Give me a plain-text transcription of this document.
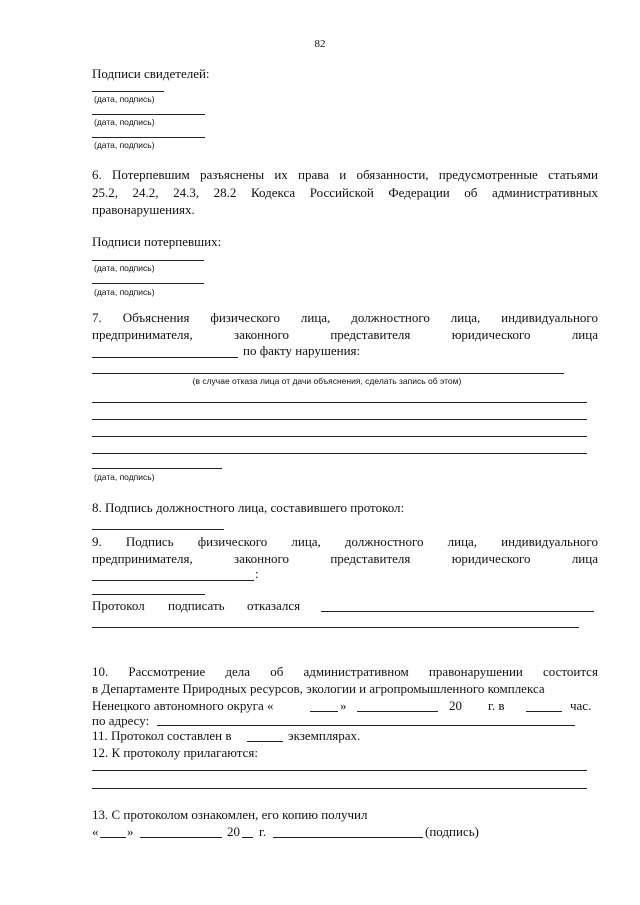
82
Подписи свидетелей:
(дата, подпись)
(дата, подпись)
(дата, подпись)
6. Потерпевшим разъяснены их права и обязанности, предусмотренные статьями
25.2, 24.2, 24.3, 28.2 Кодекса Российской Федерации об административных
правонарушениях.
Подписи потерпевших:
(дата, подпись)
(дата, подпись)
7. Объяснения физического лица, должностного лица, индивидуального
предпринимателя,	законного	представителя	юридического	лица
по факту нарушения:
(в случае отказа лица от дачи объяснения, сделать запись об этом)
(дата, подпись)
8. Подпись должностного лица, составившего протокол:
9. Подпись физического лица, должностного лица, индивидуального
предпринимателя,	законного	представителя	юридического	лица
:
Протокол подписать отказался
10. Рассмотрение дела об административном правонарушении состоится
в Департаменте Природных ресурсов, экологии и агропромышленного комплекса
Ненецкого автономного округа «	»	20 г. в	час.
по адресу:
11. Протокол составлен в	экземплярах.
12. К протоколу прилагаются:
13. С протоколом ознакомлен, его копию получил
« »	20 г.	(подпись)
